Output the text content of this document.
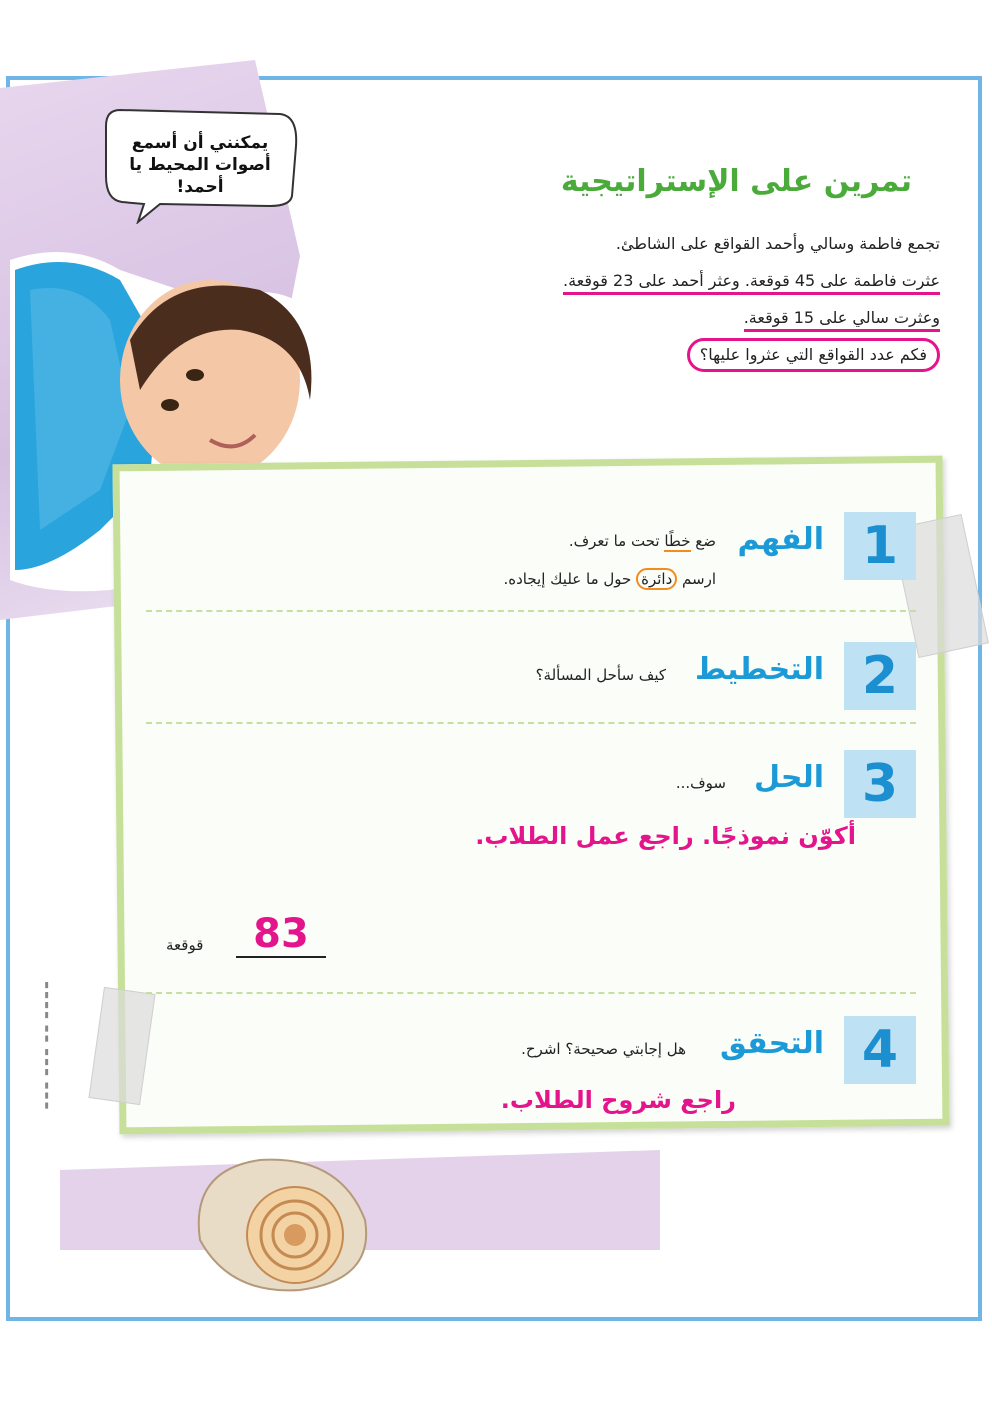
يمكنني أن أسمع أصوات المحيط يا أحمد!	تمرين على الإستراتيجية
تجمع فاطمة وسالي وأحمد القواقع على الشاطئ.
عثرت فاطمة على 45 قوقعة. وعثر أحمد على 23 قوقعة.
وعثرت سالي على 15 قوقعة.
فكم عدد القواقع التي عثروا عليها؟
1
الفهم
ضع خطًا تحت ما تعرف.
ارسم دائرة حول ما عليك إيجاده.
2
التخطيط
كيف سأحل المسألة؟
3
الحل
سوف...
أكوّن نموذجًا. راجع عمل الطلاب.
قوقعة	83
4
التحقق
هل إجابتي صحيحة؟ اشرح.
راجع شروح الطلاب.
▮▮▮ ▮▮▮ ▮▮ ▮▮▮▮
